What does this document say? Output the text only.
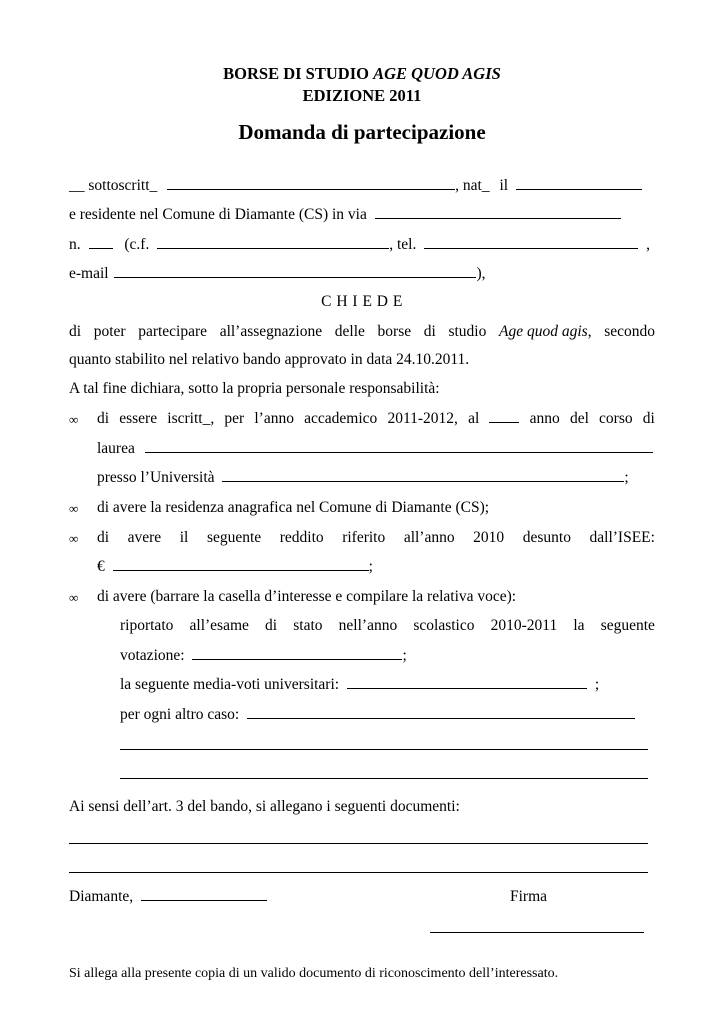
BORSE DI STUDIO AGE QUOD AGIS
EDIZIONE 2011
Domanda di partecipazione
__ sottoscritt_	, nat_ il
e residente nel Comune di Diamante (CS) in via
n.	(c.f.	, tel.	,
e-mail	),
C H I E D E
di poter partecipare all’assegnazione delle borse di studio Age quod agis, secondo
quanto stabilito nel relativo bando approvato in data 24.10.2011.
A tal fine dichiara, sotto la propria personale responsabilità:
∞ di essere iscritt_, per l’anno accademico 2011-2012, al	anno del corso di
laurea
presso l’Università	;
∞ di avere la residenza anagrafica nel Comune di Diamante (CS);
∞ di avere il seguente reddito riferito all’anno 2010 desunto dall’ISEE:
€	;
∞ di avere (barrare la casella d’interesse e compilare la relativa voce):
riportato all’esame di stato nell’anno scolastico 2010-2011 la seguente
votazione:	;
la seguente media-voti universitari:	;
per ogni altro caso:
Ai sensi dell’art. 3 del bando, si allegano i seguenti documenti:
Diamante,	Firma
Si allega alla presente copia di un valido documento di riconoscimento dell’interessato.
